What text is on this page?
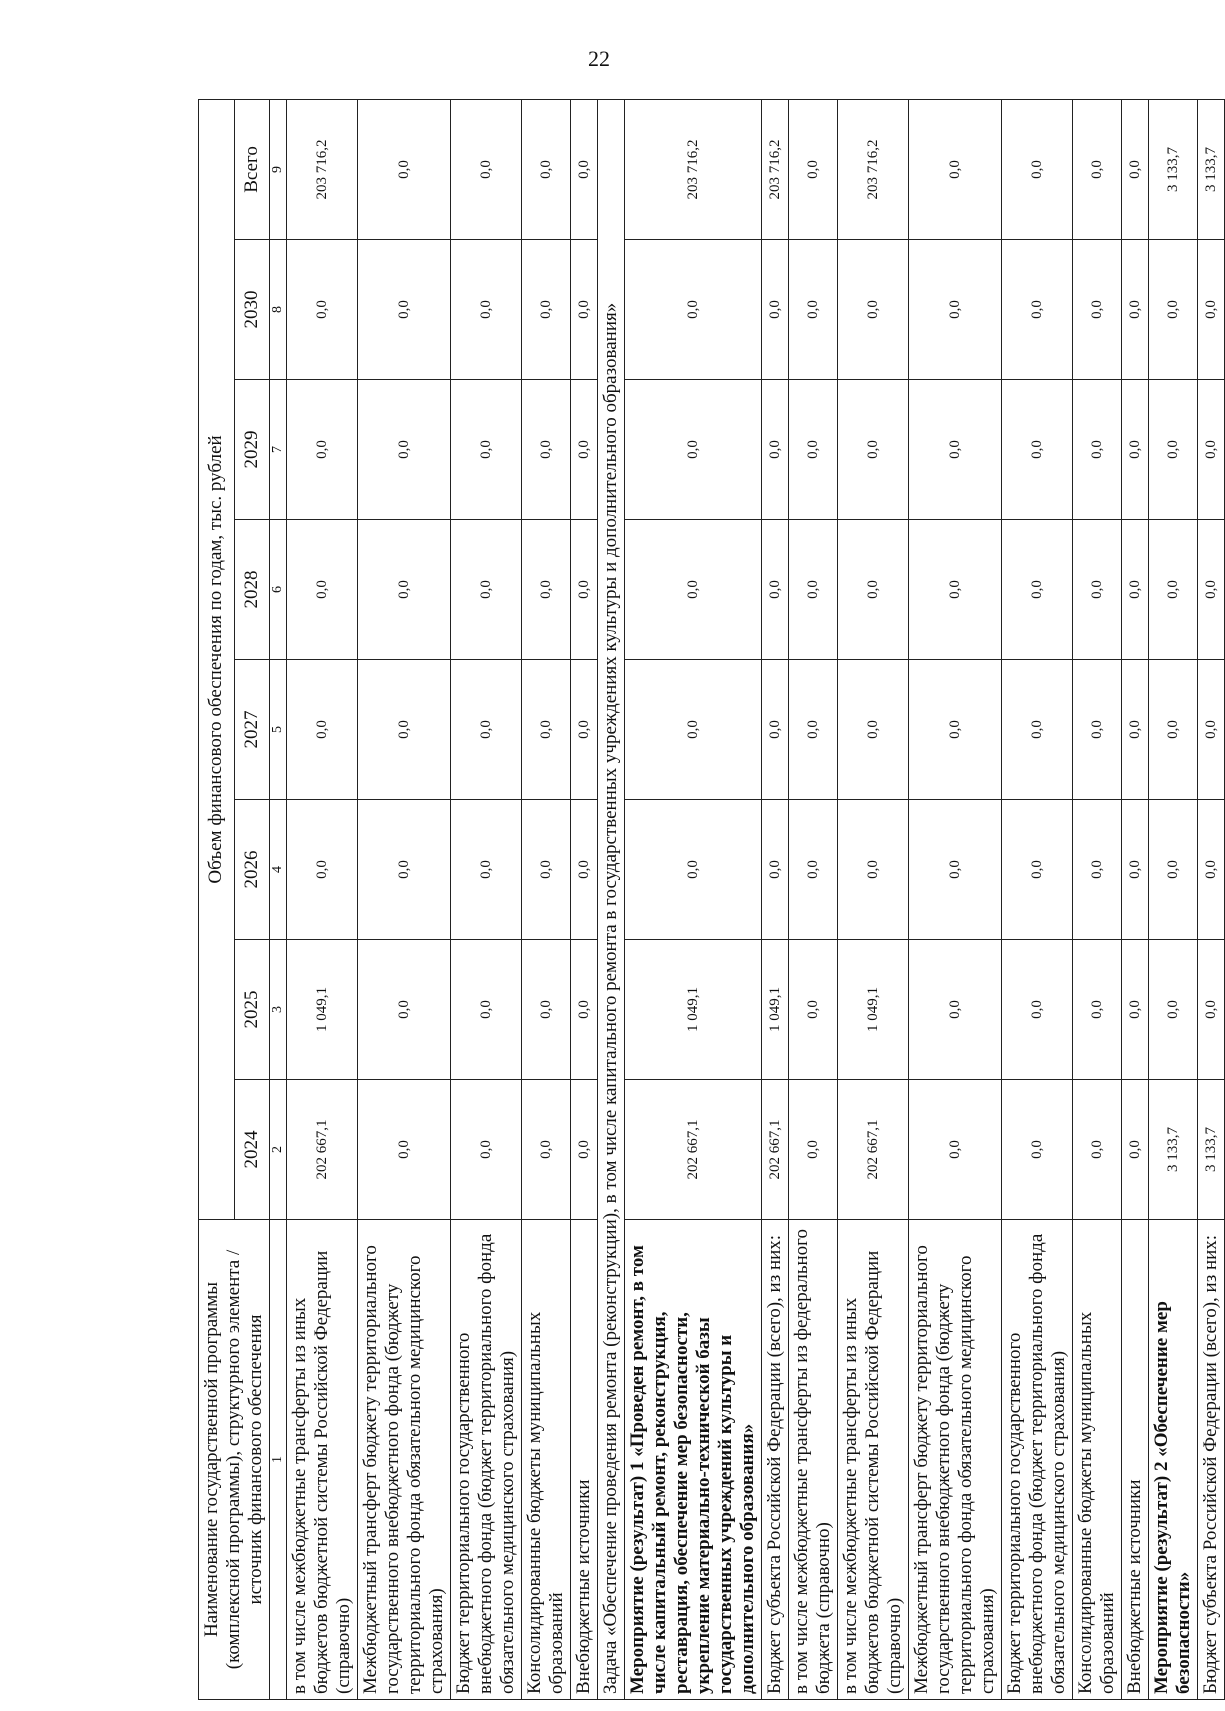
22
Наименование государственной программы (комплексной программы), структурного элемента / источник финансового обеспечения	Объем финансового обеспечения по годам, тыс. рублей							
	2024	2025	2026	2027	2028	2029	2030	Всего
1	2	3	4	5	6	7	8	9
в том числе межбюджетные трансферты из иных бюджетов бюджетной системы Российской Федерации (справочно)	202 667,1	1 049,1	0,0	0,0	0,0	0,0	0,0	203 716,2
Межбюджетный трансферт бюджету территориального государственного внебюджетного фонда (бюджету территориального фонда обязательного медицинского страхования)	0,0	0,0	0,0	0,0	0,0	0,0	0,0	0,0
Бюджет территориального государственного внебюджетного фонда (бюджет территориального фонда обязательного медицинского страхования)	0,0	0,0	0,0	0,0	0,0	0,0	0,0	0,0
Консолидированные бюджеты муниципальных образований	0,0	0,0	0,0	0,0	0,0	0,0	0,0	0,0
Внебюджетные источники	0,0	0,0	0,0	0,0	0,0	0,0	0,0	0,0
Задача «Обеспечение проведения ремонта (реконструкции), в том числе капитального ремонта в государственных учреждениях культуры и дополнительного образования»								
Мероприятие (результат) 1 «Проведен ремонт, в том числе капитальный ремонт, реконструкция, реставрация, обеспечение мер безопасности, укрепление материально-технической базы государственных учреждений культуры и дополнительного образования»	202 667,1	1 049,1	0,0	0,0	0,0	0,0	0,0	203 716,2
Бюджет субъекта Российской Федерации (всего), из них:	202 667,1	1 049,1	0,0	0,0	0,0	0,0	0,0	203 716,2
в том числе межбюджетные трансферты из федерального бюджета (справочно)	0,0	0,0	0,0	0,0	0,0	0,0	0,0	0,0
в том числе межбюджетные трансферты из иных бюджетов бюджетной системы Российской Федерации (справочно)	202 667,1	1 049,1	0,0	0,0	0,0	0,0	0,0	203 716,2
Межбюджетный трансферт бюджету территориального государственного внебюджетного фонда (бюджету территориального фонда обязательного медицинского страхования)	0,0	0,0	0,0	0,0	0,0	0,0	0,0	0,0
Бюджет территориального государственного внебюджетного фонда (бюджет территориального фонда обязательного медицинского страхования)	0,0	0,0	0,0	0,0	0,0	0,0	0,0	0,0
Консолидированные бюджеты муниципальных образований	0,0	0,0	0,0	0,0	0,0	0,0	0,0	0,0
Внебюджетные источники	0,0	0,0	0,0	0,0	0,0	0,0	0,0	0,0
Мероприятие (результат) 2 «Обеспечение мер безопасности»	3 133,7	0,0	0,0	0,0	0,0	0,0	0,0	3 133,7
Бюджет субъекта Российской Федерации (всего), из них:	3 133,7	0,0	0,0	0,0	0,0	0,0	0,0	3 133,7
